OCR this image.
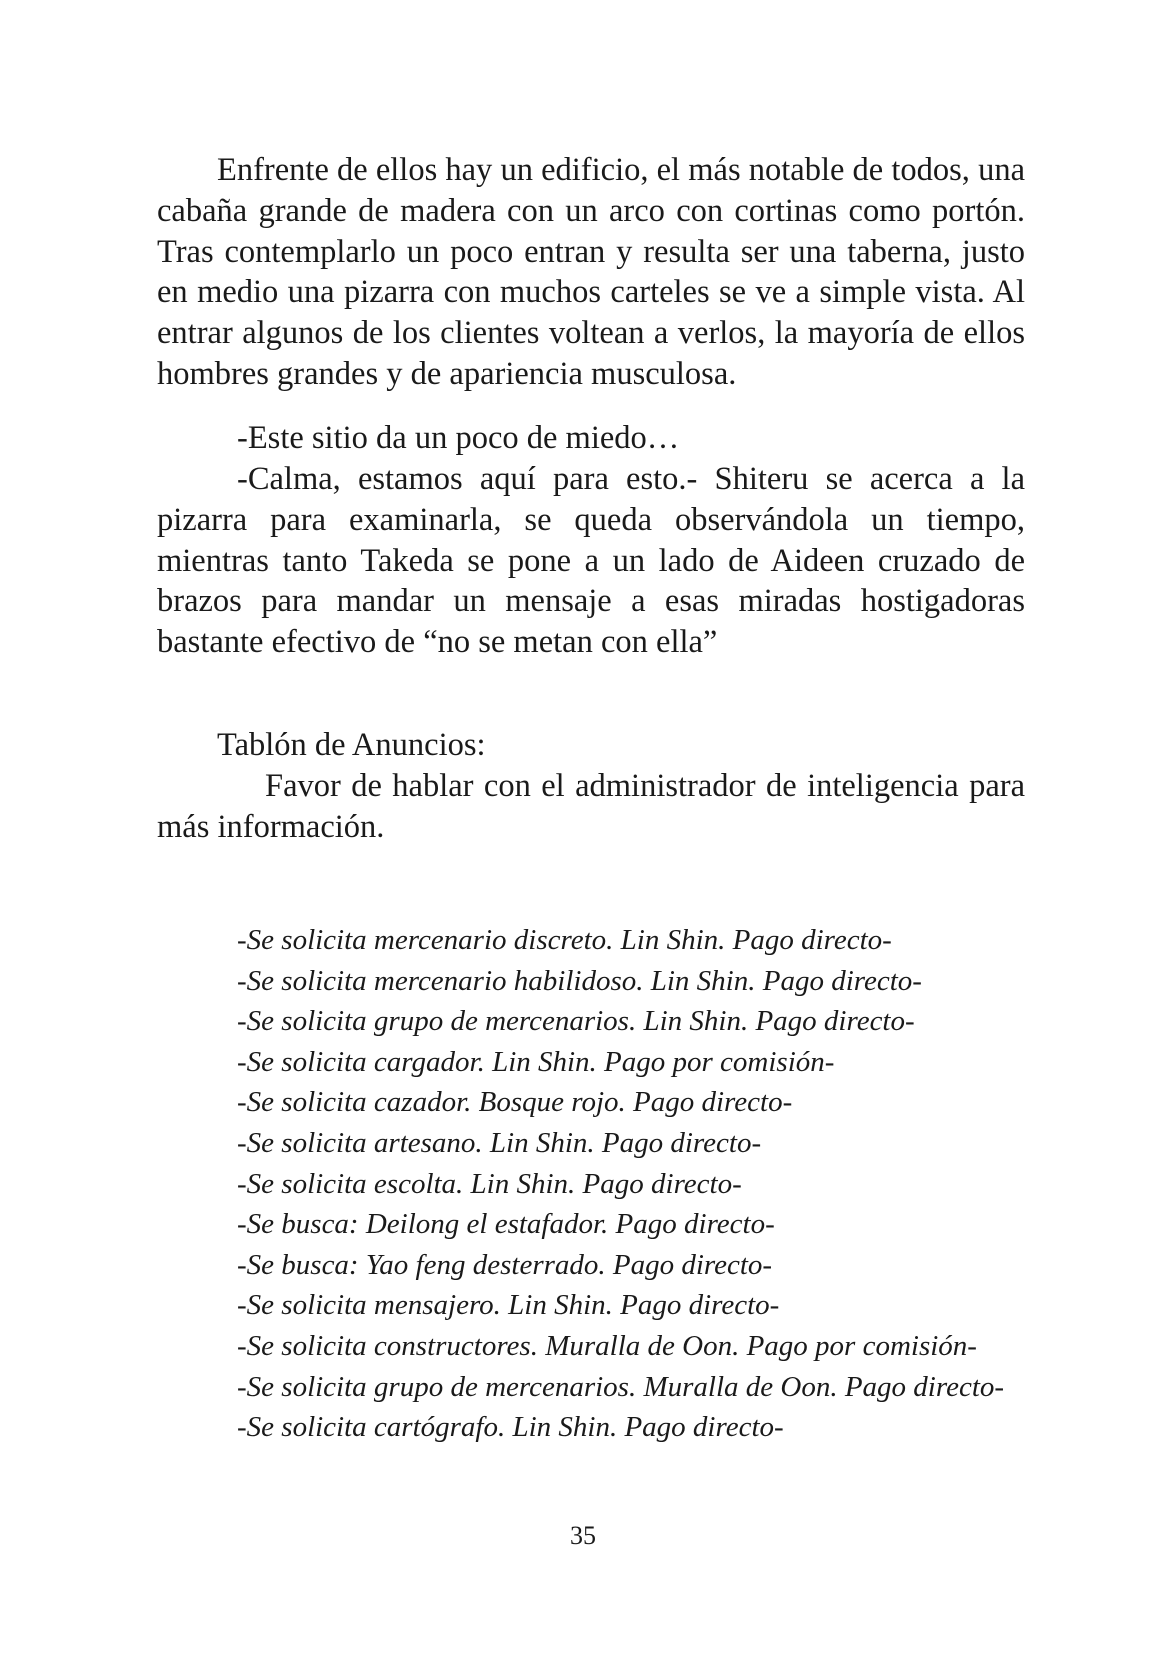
Enfrente de ellos hay un edificio, el más notable de todos, una cabaña grande de madera con un arco con cortinas como portón. Tras contemplarlo un poco entran y resulta ser una taberna, justo en medio una pizarra con muchos carteles se ve a simple vista. Al entrar algunos de los clientes voltean a verlos, la mayoría de ellos hombres grandes y de apariencia musculosa.

-Este sitio da un poco de miedo…

-Calma, estamos aquí para esto.- Shiteru se acerca a la pizarra para examinarla, se queda observándola un tiempo, mientras tanto Takeda se pone a un lado de Aideen cruzado de brazos para mandar un mensaje a esas miradas hostigadoras bastante efectivo de “no se metan con ella”

Tablón de Anuncios:

Favor de hablar con el administrador de inteligencia para más información.

-Se solicita mercenario discreto. Lin Shin. Pago directo-
-Se solicita mercenario habilidoso. Lin Shin. Pago directo-
-Se solicita grupo de mercenarios. Lin Shin. Pago directo-
-Se solicita cargador. Lin Shin. Pago por comisión-
-Se solicita cazador. Bosque rojo. Pago directo-
-Se solicita artesano. Lin Shin. Pago directo-
-Se solicita escolta. Lin Shin. Pago directo-
-Se busca: Deilong el estafador. Pago directo-
-Se busca: Yao feng desterrado. Pago directo-
-Se solicita mensajero. Lin Shin. Pago directo-
-Se solicita constructores. Muralla de Oon. Pago por comisión-
-Se solicita grupo de mercenarios. Muralla de Oon. Pago directo-
-Se solicita cartógrafo. Lin Shin. Pago directo-
35
